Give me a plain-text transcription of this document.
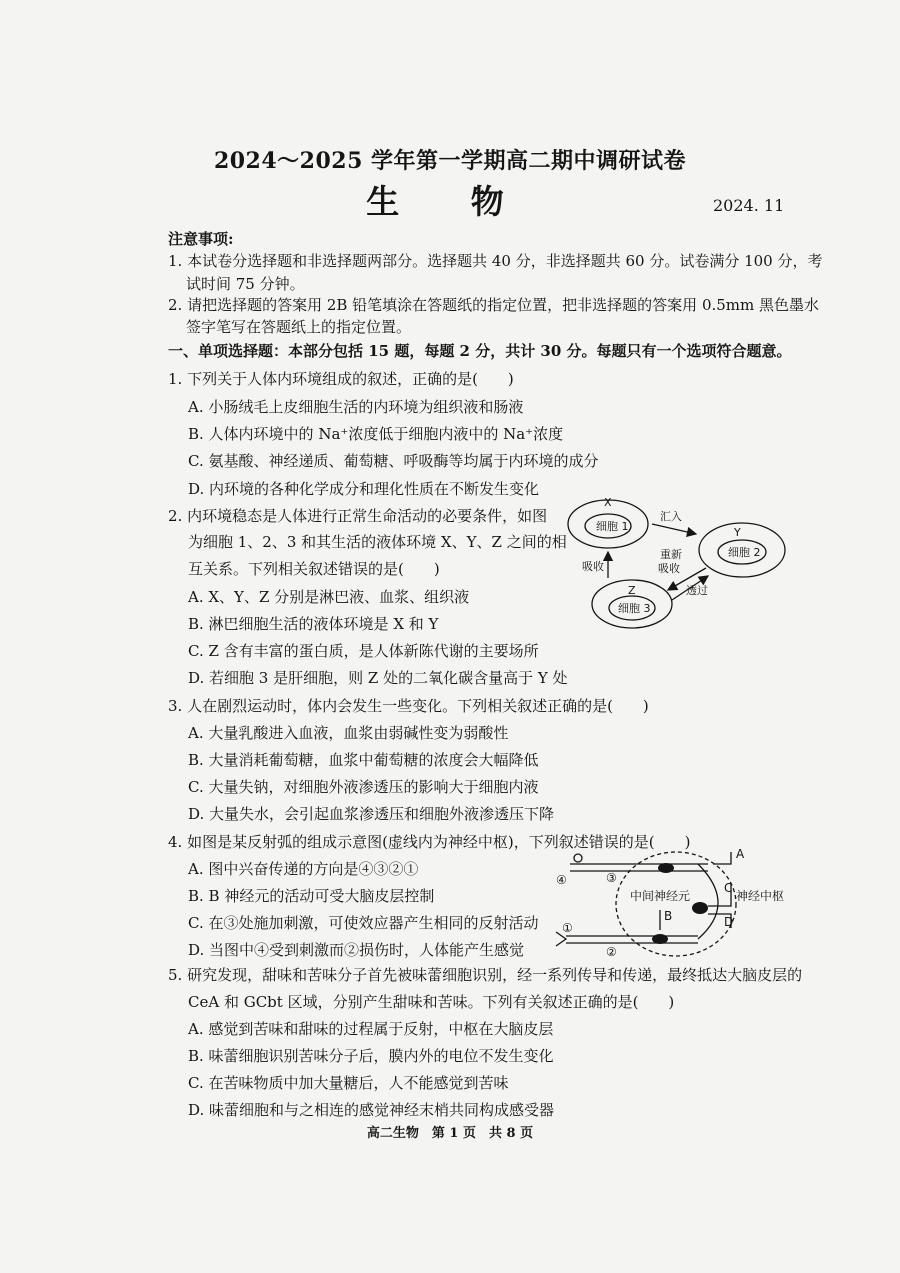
2024～2025 学年第一学期高二期中调研试卷
生 物	2024. 11
注意事项:
1. 本试卷分选择题和非选择题两部分。选择题共 40 分，非选择题共 60 分。试卷满分 100 分，考
试时间 75 分钟。
2. 请把选择题的答案用 2B 铅笔填涂在答题纸的指定位置，把非选择题的答案用 0.5mm 黑色墨水
签字笔写在答题纸上的指定位置。
一、单项选择题：本部分包括 15 题，每题 2 分，共计 30 分。每题只有一个选项符合题意。
1. 下列关于人体内环境组成的叙述，正确的是(　　)
A. 小肠绒毛上皮细胞生活的内环境为组织液和肠液
B. 人体内环境中的 Na⁺浓度低于细胞内液中的 Na⁺浓度
C. 氨基酸、神经递质、葡萄糖、呼吸酶等均属于内环境的成分
D. 内环境的各种化学成分和理化性质在不断发生变化
2. 内环境稳态是人体进行正常生命活动的必要条件，如图
为细胞 1、2、3 和其生活的液体环境 X、Y、Z 之间的相
互关系。下列相关叙述错误的是(　　)
A. X、Y、Z 分别是淋巴液、血浆、组织液
B. 淋巴细胞生活的液体环境是 X 和 Y
C. Z 含有丰富的蛋白质，是人体新陈代谢的主要场所
D. 若细胞 3 是肝细胞，则 Z 处的二氧化碳含量高于 Y 处
X
细胞 1	Y
细胞 2
Z
细胞 3
汇入
重新
吸收
吸收
透过
3. 人在剧烈运动时，体内会发生一些变化。下列相关叙述正确的是(　　)
A. 大量乳酸进入血液，血浆由弱碱性变为弱酸性
B. 大量消耗葡萄糖，血浆中葡萄糖的浓度会大幅降低
C. 大量失钠，对细胞外液渗透压的影响大于细胞内液
D. 大量失水，会引起血浆渗透压和细胞外液渗透压下降
4. 如图是某反射弧的组成示意图(虚线内为神经中枢)，下列叙述错误的是(　　)
A. 图中兴奋传递的方向是④③②①
B. B 神经元的活动可受大脑皮层控制
C. 在③处施加刺激，可使效应器产生相同的反射活动
D. 当图中④受到刺激而②损伤时，人体能产生感觉
④	③
①
②
A
B
C
D
中间神经元	神经中枢
5. 研究发现，甜味和苦味分子首先被味蕾细胞识别，经一系列传导和传递，最终抵达大脑皮层的
CeA 和 GCbt 区域，分别产生甜味和苦味。下列有关叙述正确的是(　　)
A. 感觉到苦味和甜味的过程属于反射，中枢在大脑皮层
B. 味蕾细胞识别苦味分子后，膜内外的电位不发生变化
C. 在苦味物质中加大量糖后，人不能感觉到苦味
D. 味蕾细胞和与之相连的感觉神经末梢共同构成感受器
高二生物　第 1 页　共 8 页
